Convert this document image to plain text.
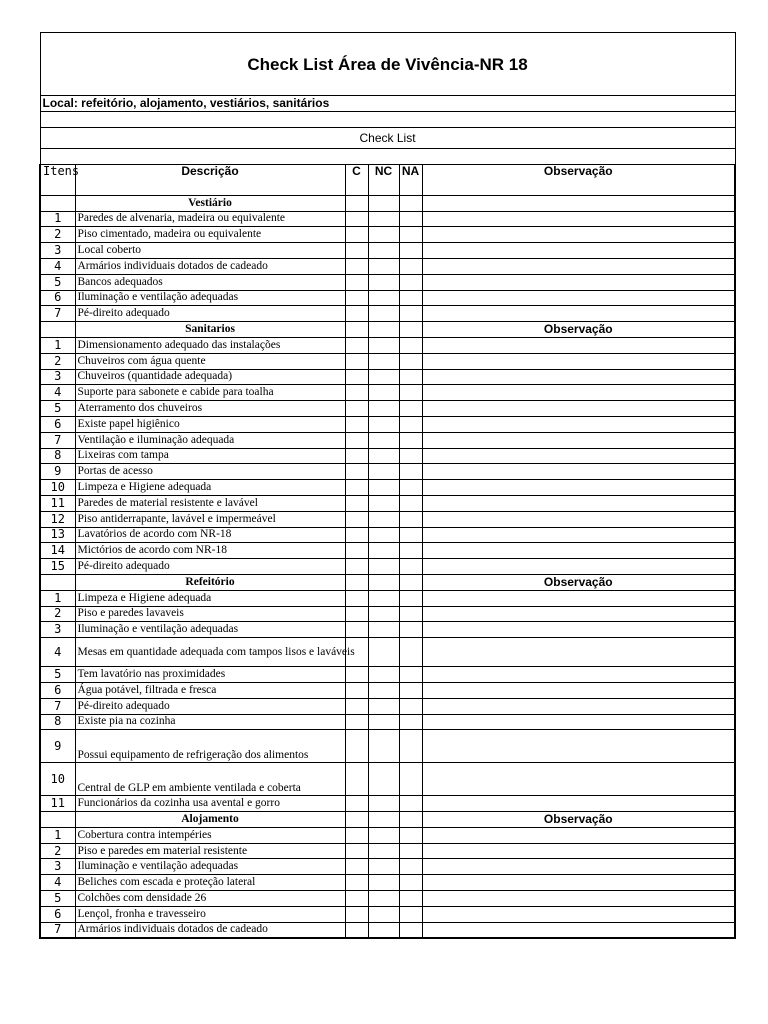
Check List Área de Vivência-NR 18					
Local: refeitório, alojamento, vestiários, sanitários					

Check List					

Itens	Descrição	C	NC	NA	Observação
	Vestiário				
1	Paredes de alvenaria, madeira ou equivalente				
2	Piso cimentado, madeira ou equivalente				
3	Local coberto				
4	Armários individuais dotados de cadeado				
5	Bancos adequados				
6	Iluminação e ventilação adequadas				
7	Pé-direito adequado				
	Sanitarios				Observação
1	Dimensionamento adequado das instalações				
2	Chuveiros com água quente				
3	Chuveiros (quantidade adequada)				
4	Suporte para sabonete e cabide para toalha				
5	Aterramento dos chuveiros				
6	Existe papel higiênico				
7	Ventilação e iluminação adequada				
8	Lixeiras com tampa				
9	Portas de acesso				
10	Limpeza e Higiene adequada				
11	Paredes de material resistente e lavável				
12	Piso antiderrapante, lavável e impermeável				
13	Lavatórios de acordo com NR-18				
14	Mictórios de acordo com NR-18				
15	Pé-direito adequado				
	Refeitório				Observação
1	Limpeza e Higiene adequada				
2	Piso e paredes lavaveis				
3	Iluminação e ventilação adequadas				
4	Mesas em quantidade adequada com tampos lisos e laváveis				
5	Tem lavatório nas proximidades				
6	Água potável, filtrada e fresca				
7	Pé-direito adequado				
8	Existe pia na cozinha				
9	Possui equipamento de refrigeração dos alimentos				
10	Central de GLP em ambiente ventilada e coberta				
11	Funcionários da cozinha usa avental e gorro				
	Alojamento				Observação
1	Cobertura contra intempéries				
2	Piso e paredes em material resistente				
3	Iluminação e ventilação adequadas				
4	Beliches com escada e proteção lateral				
5	Colchões com densidade 26				
6	Lençol, fronha e travesseiro				
7	Armários individuais dotados de cadeado				
